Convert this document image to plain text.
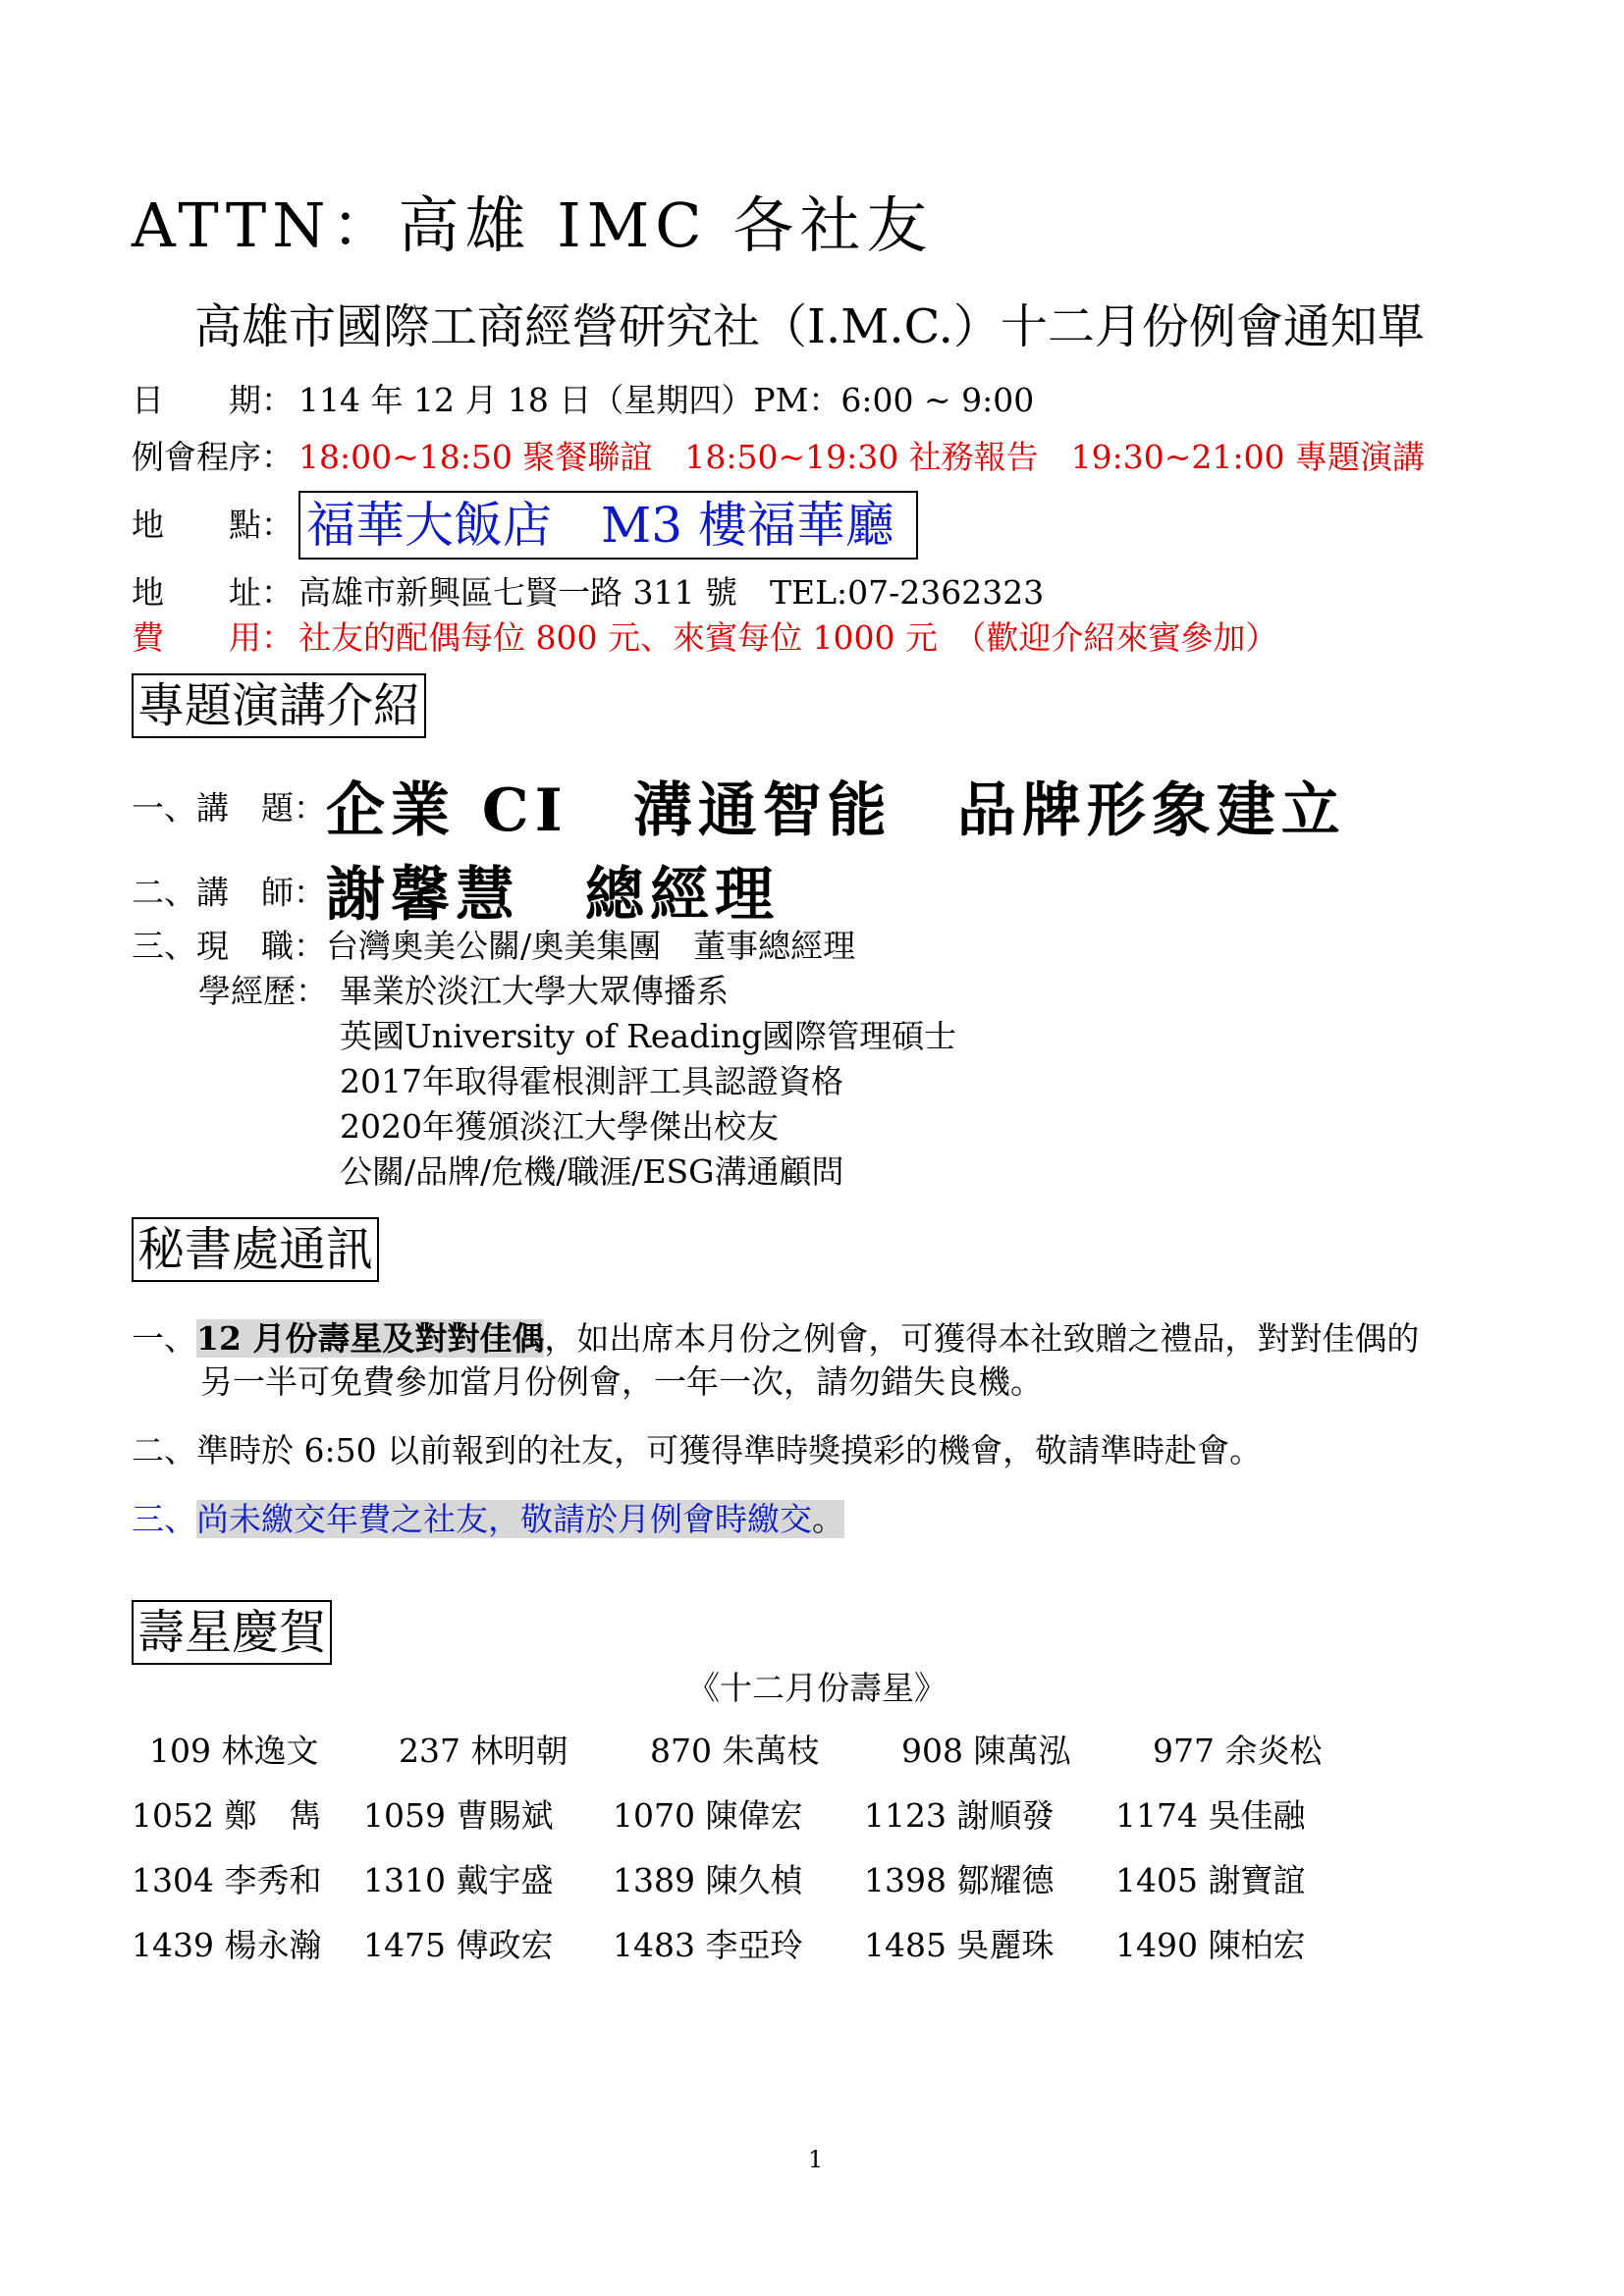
ATTN：高雄 IMC 各社友
高雄市國際工商經營研究社（I.M.C.）十二月份例會通知單
日　　期： 114 年 12 月 18 日（星期四）PM：6:00 ~ 9:00
例會程序： 18:00~18:50 聚餐聯誼　18:50~19:30 社務報告　19:30~21:00 專題演講
地　　點： 福華大飯店　M3 樓福華廳
地　　址： 高雄市新興區七賢一路 311 號　TEL:07-2362323
費　　用： 社友的配偶每位 800 元、來賓每位 1000 元　（歡迎介紹來賓參加）
專題演講介紹
一、講　題：企業 CI　溝通智能　品牌形象建立
二、講　師：謝馨慧　總經理
三、現　職：台灣奧美公關/奧美集團　董事總經理
學經歷： 畢業於淡江大學大眾傳播系
英國University of Reading國際管理碩士
2017年取得霍根測評工具認證資格
2020年獲頒淡江大學傑出校友
公關/品牌/危機/職涯/ESG溝通顧問
秘書處通訊
一、12 月份壽星及對對佳偶，如出席本月份之例會，可獲得本社致贈之禮品，對對佳偶的
另一半可免費參加當月份例會，一年一次，請勿錯失良機。
二、準時於 6:50 以前報到的社友，可獲得準時獎摸彩的機會，敬請準時赴會。
三、尚未繳交年費之社友，敬請於月例會時繳交。
壽星慶賀
《十二月份壽星》
109 林逸文 237 林明朝	870 朱萬枝	908 陳萬泓	977 余炎松
1052 鄭　雋 1059 曹賜斌 1070 陳偉宏 1123 謝順發 1174 吳佳融
1304 李秀和 1310 戴宇盛 1389 陳久楨 1398 鄒耀德 1405 謝寶誼
1439 楊永瀚 1475 傅政宏 1483 李亞玲 1485 吳麗珠 1490 陳柏宏
1
